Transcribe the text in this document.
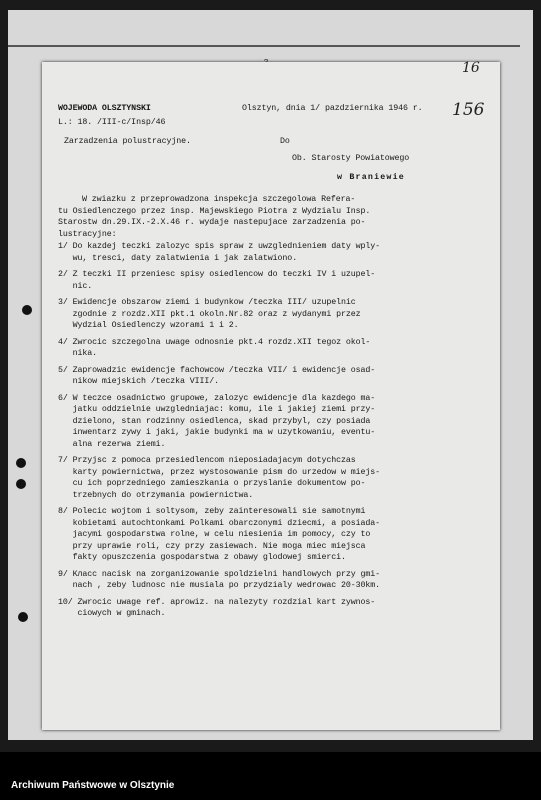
16
156
WOJEWODA OLSZTYNSKI	Olsztyn, dnia 1/ pazdziernika 1946 r.
L.: 18. /III-c/Insp/46
Zarzadzenia polustracyjne.	Do
Ob. Starosty Powiatowego
w Braniewie
W zwiazku z przeprowadzona inspekcja szczegolowa Refera-
tu Osiedlenczego przez insp. Majewskiego Piotra z Wydzialu Insp.
Starostw dn.29.IX.-2.X.46 r. wydaje nastepujace zarzadzenia po-
lustracyjne:
1/ Do kazdej teczki zalozyc spis spraw z uwzglednieniem daty wply-
wu, tresci, daty zalatwienia i jak zalatwiono.
2/ Z teczki II przeniesc spisy osiedlencow do teczki IV i uzupel-
nic.
3/ Ewidencje obszarow ziemi i budynkow /teczka III/ uzupelnic
zgodnie z rozdz.XII pkt.1 okoln.Nr.82 oraz z wydanymi przez
Wydzial Osiedlenczy wzorami 1 i 2.
4/ Zwrocic szczegolna uwage odnosnie pkt.4 rozdz.XII tegoz okol-
nika.
5/ Zaprowadzic ewidencje fachowcow /teczka VII/ i ewidencje osad-
nikow miejskich /teczka VIII/.
6/ W teczce osadnictwo grupowe, zalozyc ewidencje dla kazdego ma-
jatku oddzielnie uwzgledniajac: komu, ile i jakiej ziemi przy-
dzielono, stan rodzinny osiedlenca, skad przybyl, czy posiada
inwentarz zywy i jaki, jakie budynki ma w uzytkowaniu, eventu-
alna rezerwa ziemi.
7/ Przyjsc z pomoca przesiedlencom nieposiadajacym dotychczas
karty powiernictwa, przez wystosowanie pism do urzedow w miejs-
cu ich poprzedniego zamieszkania o przyslanie dokumentow po-
trzebnych do otrzymania powiernictwa.
8/ Polecic wojtom i soltysom, zeby zainteresowali sie samotnymi
kobietami autochtonkami Polkami obarczonymi dziecmi, a posiada-
jacymi gospodarstwa rolne, w celu niesienia im pomocy, czy to
przy uprawie roli, czy przy zasiewach. Nie moga miec miejsca
fakty opuszczenia gospodarstwa z obawy glodowej smierci.
9/ Kласc nacisk na zorganizowanie spoldzielni handlowych przy gmi-
nach , zeby ludnosc nie musiala po przydzialy wedrowac 20-30km.
10/ Zwrocic uwage ref. aprowiz. na nalezyty rozdzial kart zywnos-
ciowych w gminach.
Archiwum Państwowe w Olsztynie
